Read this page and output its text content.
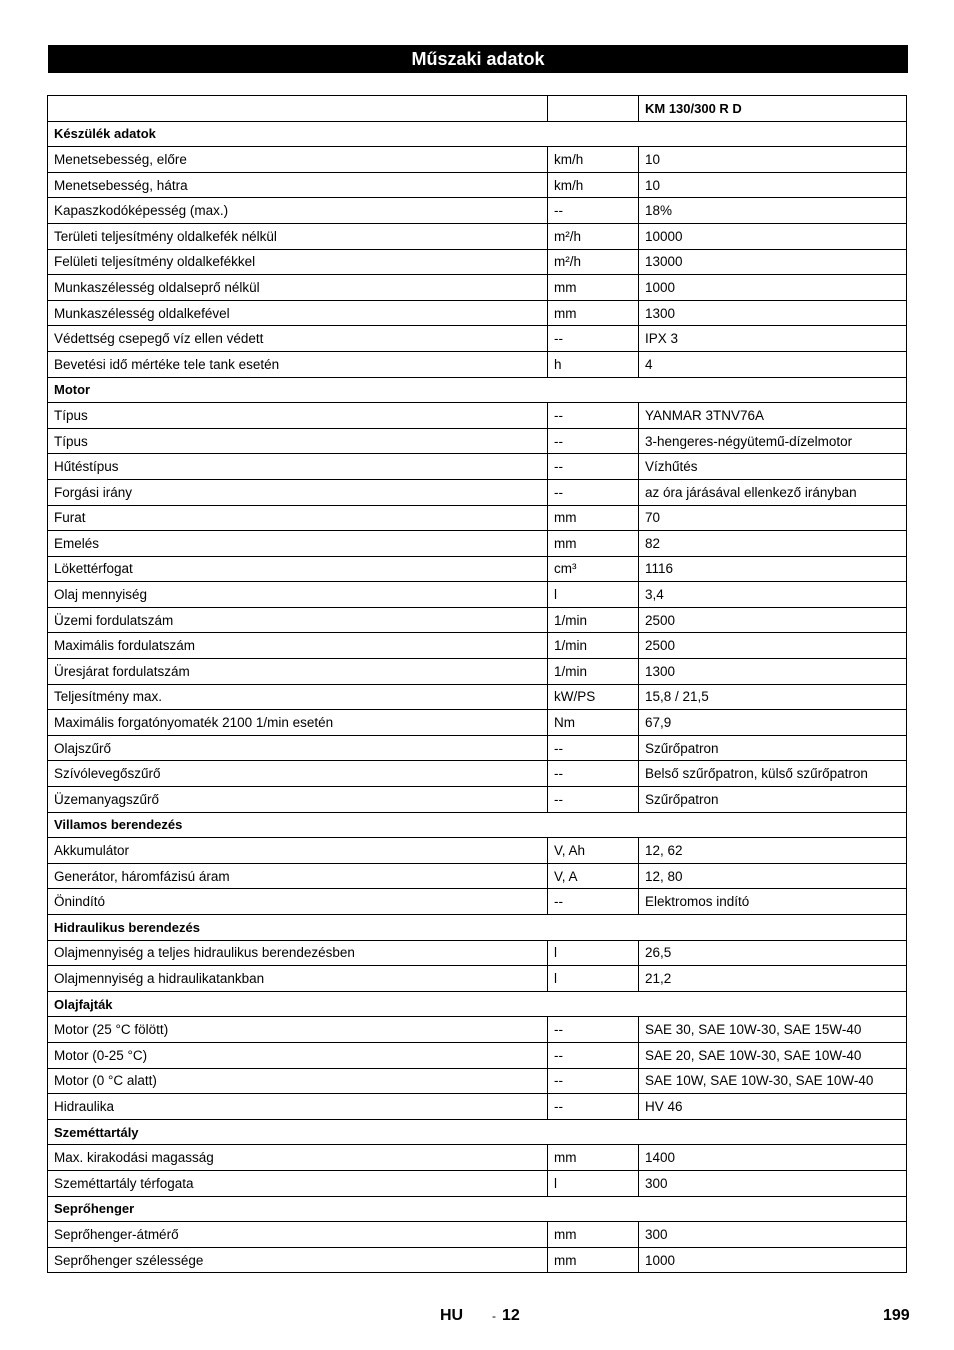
Műszaki adatok
		KM 130/300 R D
Készülék adatok		
Menetsebesség, előre	km/h	10
Menetsebesség, hátra	km/h	10
Kapaszkodóképesség (max.)	--	18%
Területi teljesítmény oldalkefék nélkül	m²/h	10000
Felületi teljesítmény oldalkefékkel	m²/h	13000
Munkaszélesség oldalseprő nélkül	mm	1000
Munkaszélesség oldalkefével	mm	1300
Védettség csepegő víz ellen védett	--	IPX 3
Bevetési idő mértéke tele tank esetén	h	4
Motor		
Típus	--	YANMAR 3TNV76A
Típus	--	3-hengeres-négyütemű-dízelmotor
Hűtéstípus	--	Vízhűtés
Forgási irány	--	az óra járásával ellenkező irányban
Furat	mm	70
Emelés	mm	82
Lökettérfogat	cm³	1116
Olaj mennyiség	l	3,4
Üzemi fordulatszám	1/min	2500
Maximális fordulatszám	1/min	2500
Üresjárat fordulatszám	1/min	1300
Teljesítmény max.	kW/PS	15,8 / 21,5
Maximális forgatónyomaték 2100 1/min esetén	Nm	67,9
Olajszűrő	--	Szűrőpatron
Szívólevegőszűrő	--	Belső szűrőpatron, külső szűrőpatron
Üzemanyagszűrő	--	Szűrőpatron
Villamos berendezés		
Akkumulátor	V, Ah	12, 62
Generátor, háromfázisú áram	V, A	12, 80
Önindító	--	Elektromos indító
Hidraulikus berendezés		
Olajmennyiség a teljes hidraulikus berendezésben	l	26,5
Olajmennyiség a hidraulikatankban	l	21,2
Olajfajták		
Motor (25 °C fölött)	--	SAE 30, SAE 10W-30, SAE 15W-40
Motor (0-25 °C)	--	SAE 20, SAE 10W-30, SAE 10W-40
Motor (0 °C alatt)	--	SAE 10W, SAE 10W-30, SAE 10W-40
Hidraulika	--	HV 46
Szeméttartály		
Max. kirakodási magasság	mm	1400
Szeméttartály térfogata	l	300
Seprőhenger		
Seprőhenger-átmérő	mm	300
Seprőhenger szélessége	mm	1000
HU - 12	199
